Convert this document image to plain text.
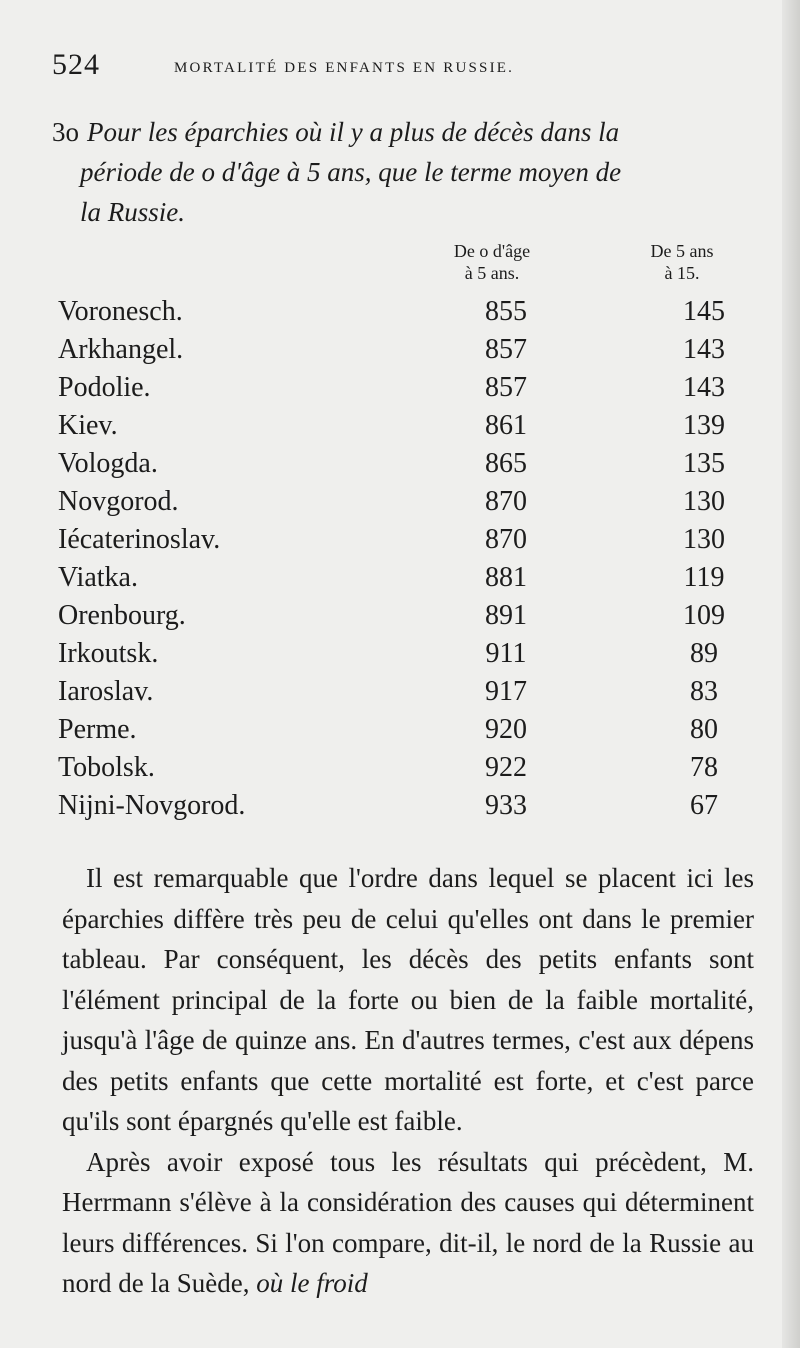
524	MORTALITÉ DES ENFANTS EN RUSSIE.
3o Pour les éparchies où il y a plus de décès dans la
période de o d'âge à 5 ans, que le terme moyen de
la Russie.
De o d'âge
à 5 ans.
De 5 ans
à 15.
Voronesch.	855	145
Arkhangel.	857	143
Podolie.	857	143
Kiev.	861	139
Vologda.	865	135
Novgorod.	870	130
Iécaterinoslav.	870	130
Viatka.	881	119
Orenbourg.	891	109
Irkoutsk.	911	89
Iaroslav.	917	83
Perme.	920	80
Tobolsk.	922	78
Nijni-Novgorod.	933	67

Il est remarquable que l'ordre dans lequel se placent ici les éparchies diffère très peu de celui qu'elles ont dans le premier tableau. Par conséquent, les décès des petits enfants sont l'élément principal de la forte ou bien de la faible mortalité, jusqu'à l'âge de quinze ans. En d'autres termes, c'est aux dépens des petits enfants que cette mortalité est forte, et c'est parce qu'ils sont épargnés qu'elle est faible.

Après avoir exposé tous les résultats qui précèdent, M. Herrmann s'élève à la considération des causes qui déterminent leurs différences. Si l'on compare, dit-il, le nord de la Russie au nord de la Suède, où le froid
